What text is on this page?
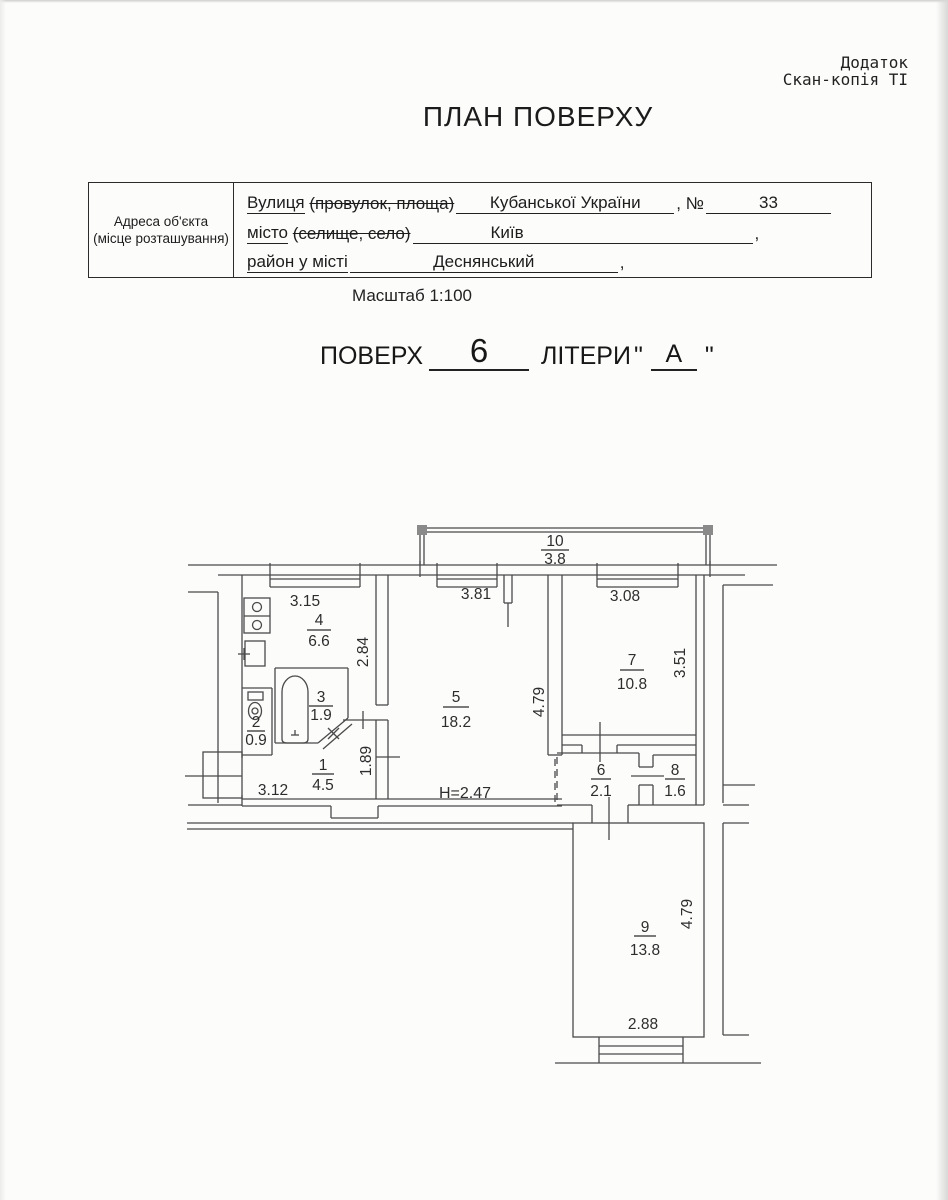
Додаток
Скан-копія ТІ
ПЛАН ПОВЕРХУ
Адреса об'єкта
(місце розташування)
Вулиця
(провулок, площа)	Кубанської України	, №	33
місто
(селище, село)	Київ	,
район у місті	Деснянський	,
Масштаб 1:100
ПОВЕРХ	6	ЛІТЕРИ " А "
4
6.6
3
1.9
2
0.9
1
4.5
5
18.2
7
10.8
6
2.1
8
1.6
9
13.8
10
3.8
H=2.47
3.15
2.84
3.81
4.79
3.08
3.51
1.89
3.12
4.79
2.88
